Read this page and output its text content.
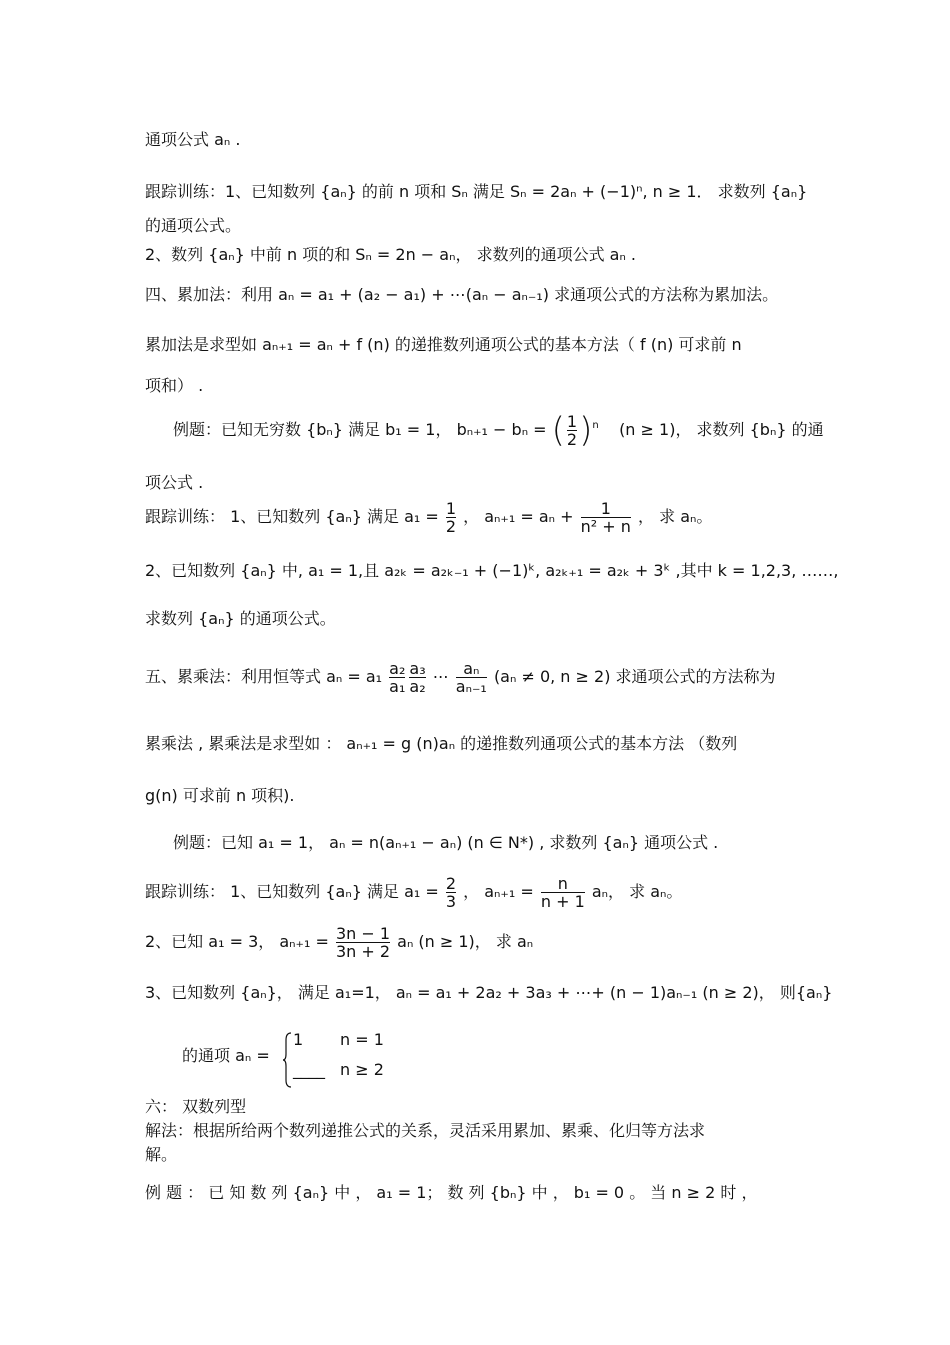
通项公式 aₙ .
跟踪训练：1、已知数列 {aₙ} 的前 n 项和 Sₙ 满足 Sₙ = 2aₙ + (−1)ⁿ, n ≥ 1． 求数列 {aₙ}
的通项公式。
2、数列 {aₙ} 中前 n 项的和 Sₙ = 2n − aₙ， 求数列的通项公式 aₙ .
四、累加法：利用 aₙ = a₁ + (a₂ − a₁) + ⋯(aₙ − aₙ₋₁) 求通项公式的方法称为累加法。
累加法是求型如 aₙ₊₁ = aₙ + f (n) 的递推数列通项公式的基本方法（ f (n) 可求前 n
项和） .
例题：已知无穷数 {bₙ} 满足 b₁ = 1， bₙ₊₁ − bₙ = ( $\frac{1}{2} )^n$ (n ≥ 1)， 求数列 {bₙ} 的通
项公式 .
跟踪训练： 1、已知数列 {aₙ} 满足 $a_1 = \frac{1}{2}$ ， $a_{n+1} = a_n + \frac{1}{\text{n² + n}}$ ， 求 aₙ。
2、已知数列 {aₙ} 中, a₁ = 1,且 a₂ₖ = a₂ₖ₋₁ + (−1)ᵏ, a₂ₖ₊₁ = a₂ₖ + 3ᵏ ,其中 k = 1,2,3, ……,
求数列 {aₙ} 的通项公式。
五、累乘法：利用恒等式 $a_n = a_1 \frac{\text{a₂}}{\text{a₁}} \frac{\text{a₃}}{\text{a₂}}$ ⋯ $\frac{\text{aₙ}}{\text{aₙ₋₁}} (a_n \ne 0$, n ≥ 2) 求通项公式的方法称为
累乘法 , 累乘法是求型如 ： aₙ₊₁ = g (n)aₙ 的递推数列通项公式的基本方法 （数列
g(n) 可求前 n 项积).
例题：已知 a₁ = 1， aₙ = n(aₙ₊₁ − aₙ) (n ∈ N*) , 求数列 {aₙ} 通项公式 .
跟踪训练： 1、已知数列 {aₙ} 满足 $a_1 = \frac{2}{3}$ ， $a_{n+1} = \frac{n}{n + 1}$ aₙ， 求 aₙ。
2、已知 a₁ = 3， $a_{n+1} = \frac{3n - 1}{3n + 2}$ aₙ (n ≥ 1)， 求 aₙ
3、已知数列 {aₙ}， 满足 a₁=1， aₙ = a₁ + 2a₂ + 3a₃ + ⋯+ (n − 1)aₙ₋₁ (n ≥ 2)， 则{aₙ}
的通项 aₙ =
1 n = 1
____ n ≥ 2
六： 双数列型
解法：根据所给两个数列递推公式的关系，灵活采用累加、累乘、化归等方法求
解。
例 题 ： 已 知 数 列 {aₙ} 中 ， a₁ = 1； 数 列 {bₙ} 中 ， b₁ = 0 。 当 n ≥ 2 时 ，
